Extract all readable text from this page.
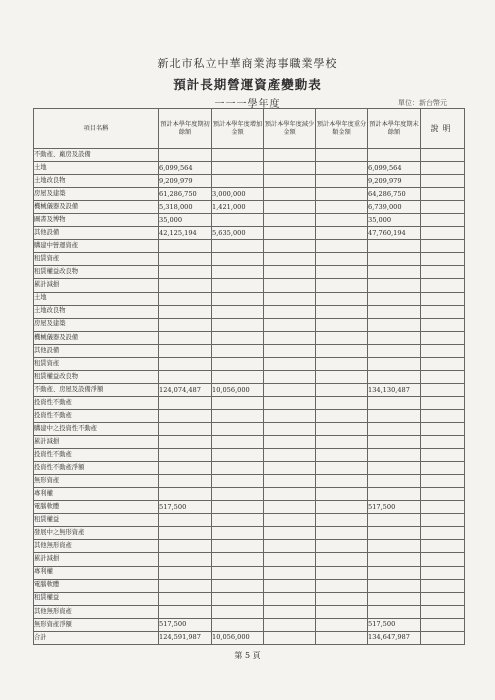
新北市私立中華商業海事職業學校
預計長期營運資產變動表
一一一學年度	單位：新台幣元
項目名稱	預計本學年度期初餘額	預計本學年度增加金額	預計本學年度減少金額	預計本學年度重分類金額	預計本學年度期末餘額	說明
不動產、廠房及設備						
土地	6,099,564				6,099,564	
土地改良物	9,209,979				9,209,979	
房屋及建築	61,286,750	3,000,000			64,286,750	
機械儀器及設備	5,318,000	1,421,000			6,739,000	
圖書及博物	35,000				35,000	
其他設備	42,125,194	5,635,000			47,760,194	
購建中營運資產						
租賃資產						
租賃權益改良物						
累計減損						
土地						
土地改良物						
房屋及建築						
機械儀器及設備						
其他設備						
租賃資產						
租賃權益改良物						
不動產、房屋及設備淨額	124,074,487	10,056,000			134,130,487	
投資性不動產						
投資性不動產						
購建中之投資性不動產						
累計減損						
投資性不動產						
投資性不動產淨額						
無形資產						
專利權						
電腦軟體	517,500				517,500	
租賃權益						
發展中之無形資產						
其他無形資產						
累計減損						
專利權						
電腦軟體						
租賃權益						
其他無形資產						
無形資產淨額	517,500				517,500	
合計	124,591,987	10,056,000			134,647,987	
第 5 頁
